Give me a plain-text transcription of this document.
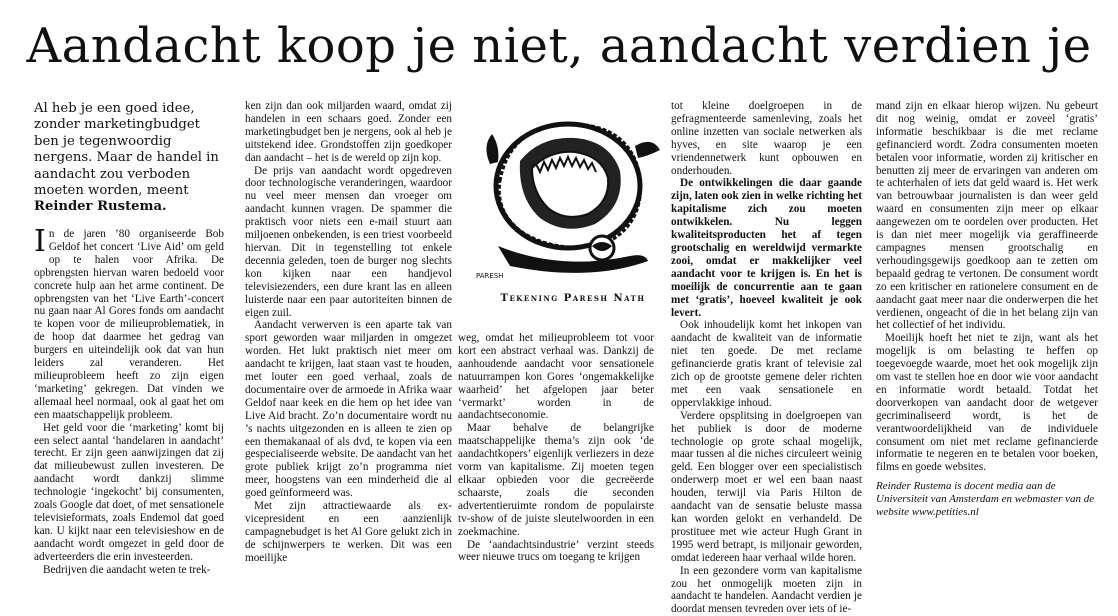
Aandacht koop je niet, aandacht verdien je

Al heb je een goed idee, zonder marketingbudget ben je tegenwoordig nergens. Maar de handel in aandacht zou verboden moeten worden, meent
Reinder Rustema.

In de jaren ’80 organiseerde Bob Geldof het concert ‘Live Aid’ om geld op te halen voor Afrika. De opbrengsten hiervan waren bedoeld voor concrete hulp aan het arme continent. De opbrengsten van het ‘Live Earth’-concert nu gaan naar Al Gores fonds om aandacht te kopen voor de milieuproblematiek, in de hoop dat daarmee het gedrag van burgers en uiteindelijk ook dat van hun leiders zal veranderen. Het milieuprobleem heeft zo zijn eigen ‘marketing’ gekregen. Dat vinden we allemaal heel normaal, ook al gaat het om een maatschappelijk probleem.

Het geld voor die ‘marketing’ komt bij een select aantal ‘handelaren in aandacht’ terecht. Er zijn geen aanwijzingen dat zij dat milieubewust zullen investeren. De aandacht wordt dankzij slimme technologie ‘ingekocht’ bij consumenten, zoals Google dat doet, of met sensationele televisieformats, zoals Endemol dat goed kan. U kijkt naar een televisieshow en de aandacht wordt omgezet in geld door de adverteerders die erin investeerden.

Bedrijven die aandacht weten te trek-

ken zijn dan ook miljarden waard, omdat zij handelen in een schaars goed. Zonder een marketingbudget ben je nergens, ook al heb je uitstekend idee. Grondstoffen zijn goedkoper dan aandacht – het is de wereld op zijn kop.

De prijs van aandacht wordt opgedreven door technologische veranderingen, waardoor nu veel meer mensen dan vroeger om aandacht kunnen vragen. De spammer die praktisch voor niets een e-mail stuurt aan miljoenen onbekenden, is een triest voorbeeld hiervan. Dit in tegenstelling tot enkele decennia geleden, toen de burger nog slechts kon kijken naar een handjevol televisiezenders, een dure krant las en alleen luisterde naar een paar autoriteiten binnen de eigen zuil.

Aandacht verwerven is een aparte tak van sport geworden waar miljarden in omgezet worden. Het lukt praktisch niet meer om aandacht te krijgen, laat staan vast te houden, met louter een goed verhaal, zoals de documentaire over de armoede in Afrika waar Geldof naar keek en die hem op het idee van Live Aid bracht. Zo’n documentaire wordt nu ’s nachts uitgezonden en is alleen te zien op een themakanaal of als dvd, te kopen via een gespecialiseerde website. De aandacht van het grote publiek krijgt zo’n programma niet meer, hoogstens van een minderheid die al goed geïnformeerd was.

Met zijn attractiewaarde als ex-vicepresident en een aanzienlijk campagnebudget is het Al Gore gelukt zich in de schijnwerpers te werken. Dit was een moeilijke

PARESH
Tekening Paresh Nath

weg, omdat het milieuprobleem tot voor kort een abstract verhaal was. Dankzij de aanhoudende aandacht voor sensationele natuurrampen kon Gores ‘ongemakkelijke waarheid’ het afgelopen jaar beter ‘vermarkt’ worden in de aandachtseconomie.

Maar behalve de belangrijke maatschappelijke thema’s zijn ook ‘de aandachtkopers’ eigenlijk verliezers in deze vorm van kapitalisme. Zij moeten tegen elkaar opbieden voor die gecreëerde schaarste, zoals die seconden advertentieruimte rondom de populairste tv-show of de juiste sleutelwoorden in een zoekmachine.

De ‘aandachtsindustrie’ verzint steeds weer nieuwe trucs om toegang te krijgen

tot kleine doelgroepen in de gefragmenteerde samenleving, zoals het online inzetten van sociale netwerken als hyves, en site waarop je een vriendennetwerk kunt opbouwen en onderhouden.

De ontwikkelingen die daar gaande zijn, laten ook zien in welke richting het kapitalisme zich zou moeten ontwikkelen. Nu leggen kwaliteitsproducten het af tegen grootschalig en wereldwijd vermarkte zooi, omdat er makkelijker veel aandacht voor te krijgen is. En het is moeilijk de concurrentie aan te gaan met ‘gratis’, hoeveel kwaliteit je ook levert.

Ook inhoudelijk komt het inkopen van aandacht de kwaliteit van de informatie niet ten goede. De met reclame gefinancierde gratis krant of televisie zal zich op de grootste gemene deler richten met een vaak sensationele en oppervlakkige inhoud.

Verdere opsplitsing in doelgroepen van het publiek is door de moderne technologie op grote schaal mogelijk, maar tussen al die niches circuleert weinig geld. Een blogger over een specialistisch onderwerp moet er wel een baan naast houden, terwijl via Paris Hilton de aandacht van de sensatie beluste massa kan worden gelokt en verhandeld. De prostituee met wie acteur Hugh Grant in 1995 werd betrapt, is miljonair geworden, omdat iedereen haar verhaal wilde horen.

In een gezondere vorm van kapitalisme zou het onmogelijk moeten zijn in aandacht te handelen. Aandacht verdien je doordat mensen tevreden over iets of ie-

mand zijn en elkaar hierop wijzen. Nu gebeurt dit nog weinig, omdat er zoveel ‘gratis’ informatie beschikbaar is die met reclame gefinancierd wordt. Zodra consumenten moeten betalen voor informatie, worden zij kritischer en benutten zij meer de ervaringen van anderen om te achterhalen of iets dat geld waard is. Het werk van betrouwbaar journalisten is dan weer geld waard en consumenten zijn meer op elkaar aangewezen om te oordelen over producten. Het is dan niet meer mogelijk via geraffineerde campagnes mensen grootschalig en verhoudingsgewijs goedkoop aan te zetten om bepaald gedrag te vertonen. De consument wordt zo een kritischer en rationelere consument en de aandacht gaat meer naar die onderwerpen die het verdienen, ongeacht of die in het belang zijn van het collectief of het individu.

Moeilijk hoeft het niet te zijn, want als het mogelijk is om belasting te heffen op toegevoegde waarde, moet het ook mogelijk zijn om vast te stellen hoe en door wie voor aandacht en informatie wordt betaald. Totdat het doorverkopen van aandacht door de wetgever gecriminaliseerd wordt, is het de verantwoordelijkheid van de individuele consument om niet met reclame gefinancierde informatie te negeren en te betalen voor boeken, films en goede websites.

Reinder Rustema is docent media aan de Universiteit van Amsterdam en webmaster van de website www.petities.nl
